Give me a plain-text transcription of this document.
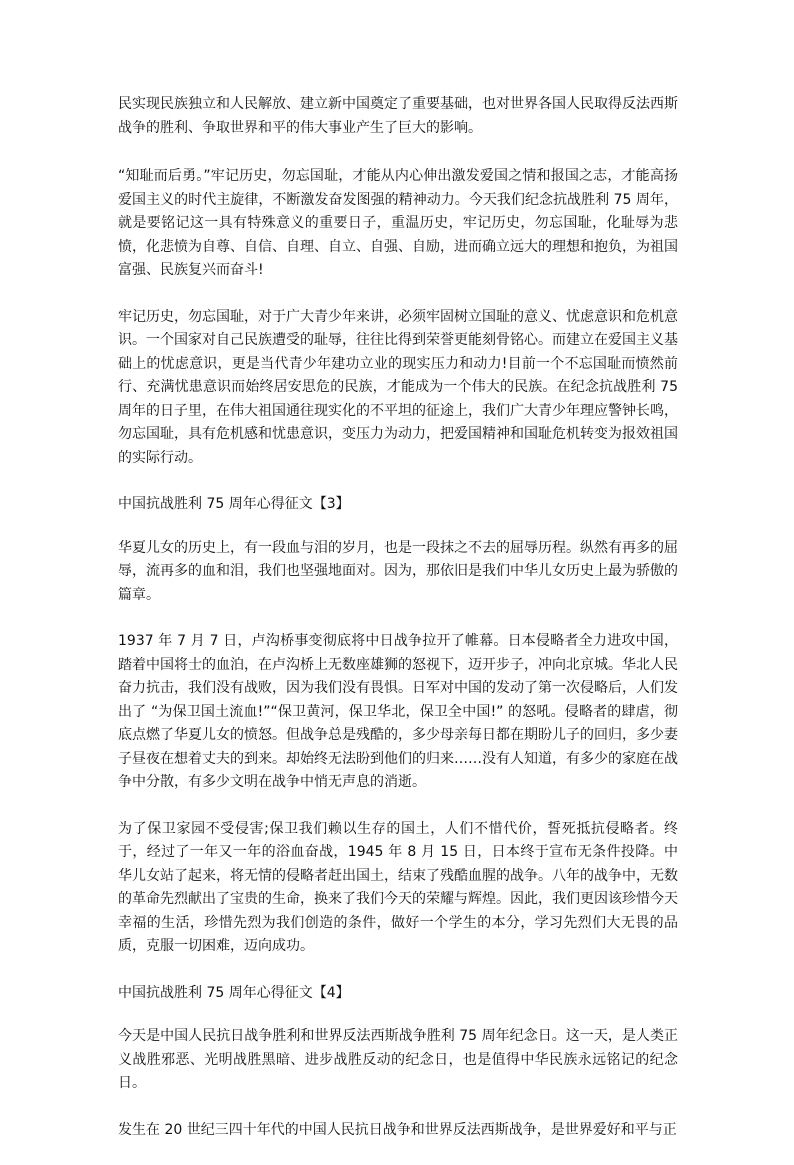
民实现民族独立和人民解放、建立新中国奠定了重要基础，也对世界各国人民取得反法西斯战争的胜利、争取世界和平的伟大事业产生了巨大的影响。

“知耻而后勇。”牢记历史，勿忘国耻，才能从内心伸出激发爱国之情和报国之志，才能高扬爱国主义的时代主旋律，不断激发奋发图强的精神动力。今天我们纪念抗战胜利 75 周年，就是要铭记这一具有特殊意义的重要日子，重温历史，牢记历史，勿忘国耻，化耻辱为悲愤，化悲愤为自尊、自信、自理、自立、自强、自励，进而确立远大的理想和抱负，为祖国富强、民族复兴而奋斗!

牢记历史，勿忘国耻，对于广大青少年来讲，必须牢固树立国耻的意义、忧虑意识和危机意识。一个国家对自己民族遭受的耻辱，往往比得到荣誉更能刻骨铭心。而建立在爱国主义基础上的忧虑意识，更是当代青少年建功立业的现实压力和动力!目前一个不忘国耻而愤然前行、充满忧患意识而始终居安思危的民族，才能成为一个伟大的民族。在纪念抗战胜利 75 周年的日子里，在伟大祖国通往现实化的不平坦的征途上，我们广大青少年理应警钟长鸣，勿忘国耻，具有危机感和忧患意识，变压力为动力，把爱国精神和国耻危机转变为报效祖国的实际行动。

中国抗战胜利 75 周年心得征文【3】

华夏儿女的历史上，有一段血与泪的岁月，也是一段抹之不去的屈辱历程。纵然有再多的屈辱，流再多的血和泪，我们也坚强地面对。因为，那依旧是我们中华儿女历史上最为骄傲的篇章。

1937 年 7 月 7 日，卢沟桥事变彻底将中日战争拉开了帷幕。日本侵略者全力进攻中国，踏着中国将士的血泊，在卢沟桥上无数座雄狮的怒视下，迈开步子，冲向北京城。华北人民奋力抗击，我们没有战败，因为我们没有畏惧。日军对中国的发动了第一次侵略后，人们发出了 “为保卫国土流血!”“保卫黄河，保卫华北，保卫全中国!” 的怒吼。侵略者的肆虐，彻底点燃了华夏儿女的愤怒。但战争总是残酷的，多少母亲每日都在期盼儿子的回归，多少妻子昼夜在想着丈夫的到来。却始终无法盼到他们的归来……没有人知道，有多少的家庭在战争中分散，有多少文明在战争中悄无声息的消逝。

为了保卫家园不受侵害;保卫我们赖以生存的国土，人们不惜代价，誓死抵抗侵略者。终于，经过了一年又一年的浴血奋战，1945 年 8 月 15 日，日本终于宣布无条件投降。中华儿女站了起来，将无情的侵略者赶出国土，结束了残酷血腥的战争。八年的战争中，无数的革命先烈献出了宝贵的生命，换来了我们今天的荣耀与辉煌。因此，我们更因该珍惜今天幸福的生活，珍惜先烈为我们创造的条件，做好一个学生的本分，学习先烈们大无畏的品质，克服一切困难，迈向成功。

中国抗战胜利 75 周年心得征文【4】

今天是中国人民抗日战争胜利和世界反法西斯战争胜利 75 周年纪念日。这一天，是人类正义战胜邪恶、光明战胜黑暗、进步战胜反动的纪念日，也是值得中华民族永远铭记的纪念日。

发生在 20 世纪三四十年代的中国人民抗日战争和世界反法西斯战争，是世界爱好和平与正
